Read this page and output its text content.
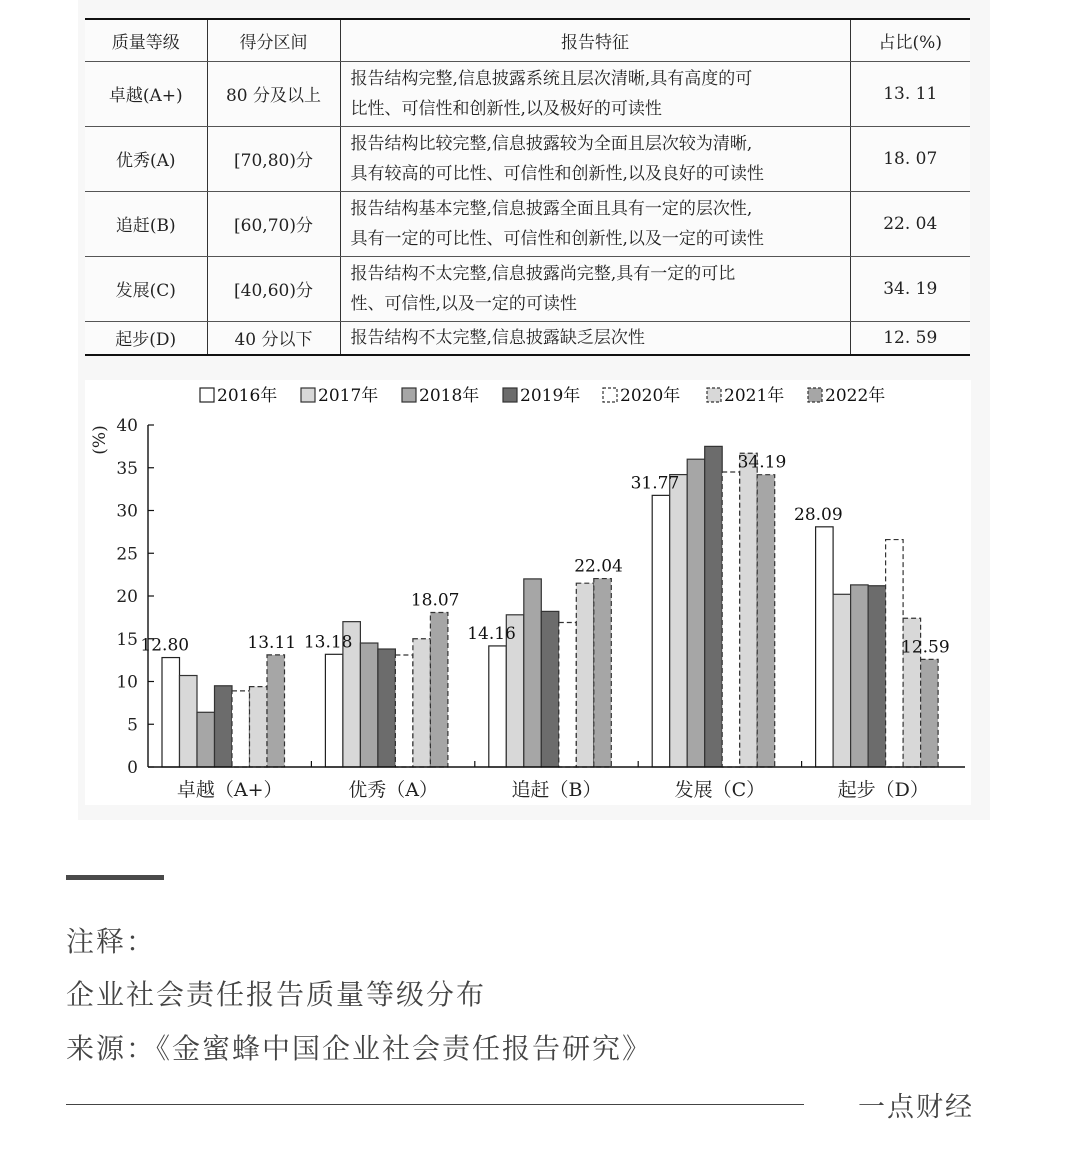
质量等级	得分区间	报告特征	占比(%)
卓越(A+)	80 分及以上	报告结构完整,信息披露系统且层次清晰,具有高度的可
比性、可信性和创新性,以及极好的可读性	13. 11
优秀(A)	[70,80)分	报告结构比较完整,信息披露较为全面且层次较为清晰,
具有较高的可比性、可信性和创新性,以及良好的可读性	18. 07
追赶(B)	[60,70)分	报告结构基本完整,信息披露全面且具有一定的层次性,
具有一定的可比性、可信性和创新性,以及一定的可读性	22. 04
发展(C)	[40,60)分	报告结构不太完整,信息披露尚完整,具有一定的可比
性、可信性,以及一定的可读性	34. 19
起步(D)	40 分以下	报告结构不太完整,信息披露缺乏层次性	12. 59
2016年 2017年 2018年 2019年 2020年	2021年 2022年
0
5
10
15
20
25
30
35
40
卓越（A+）	优秀（A）	追赶（B）	发展（C）	起步（D）
(%)
12.80	13.18	14.16
31.77
28.09
13.11
18.07
22.04
34.19
12.59
注释：
企业社会责任报告质量等级分布
来源：《金蜜蜂中国企业社会责任报告研究》
一点财经
